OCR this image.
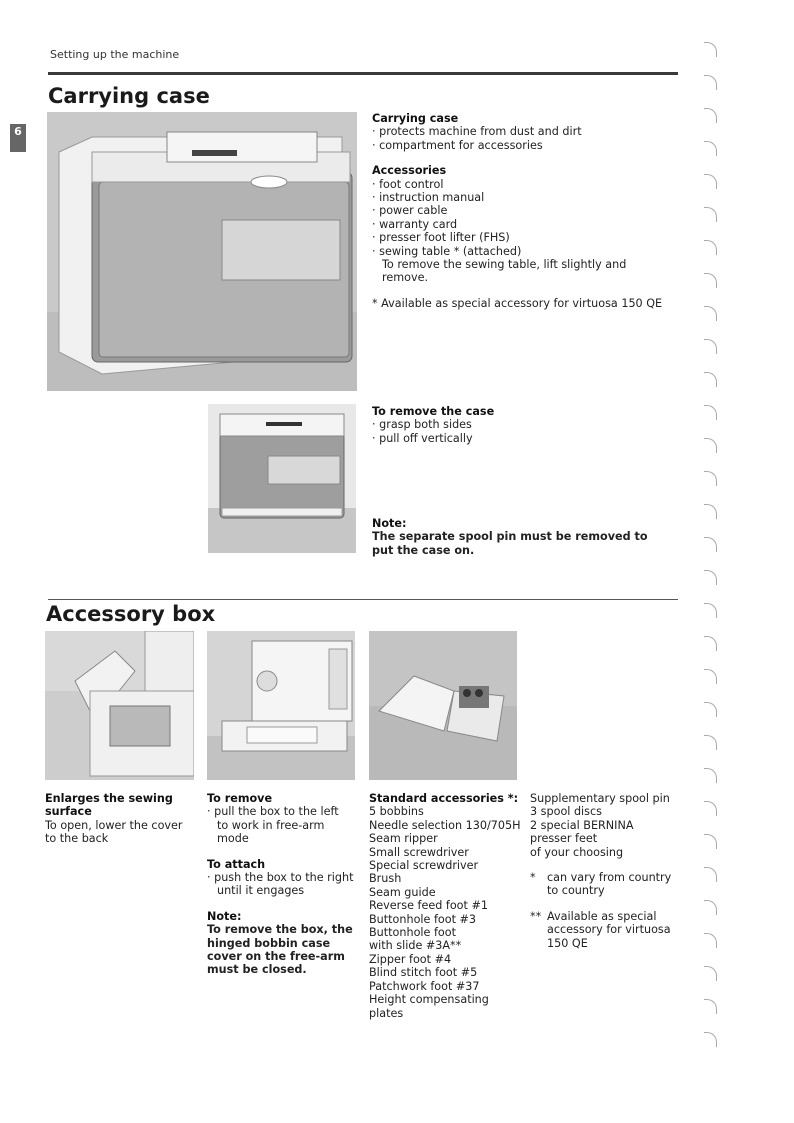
Setting up the machine
6
Carrying case
Carrying case
· protects machine from dust and dirt
· compartment for accessories
Accessories
· foot control
· instruction manual
· power cable
· warranty card
· presser foot lifter (FHS)
· sewing table * (attached)
To remove the sewing table, lift slightly and remove.
* Available as special accessory for virtuosa 150 QE
To remove the case
· grasp both sides
· pull off vertically
Note:
The separate spool pin must be removed to put the case on.
Accessory box
Enlarges the sewing surface
To open, lower the cover
to the back
To remove
· pull the box to the left
to work in free-arm mode
To attach
· push the box to the right
until it engages
Note:
To remove the box, the hinged bobbin case cover on the free-arm must be closed.
Standard accessories *:
5 bobbins
Needle selection 130/705H
Seam ripper
Small screwdriver
Special screwdriver
Brush
Seam guide
Reverse feed foot #1
Buttonhole foot #3
Buttonhole foot
with slide #3A**
Zipper foot #4
Blind stitch foot #5
Patchwork foot #37
Height compensating
plates
Supplementary spool pin
3 spool discs
2 special BERNINA
presser feet
of your choosing
* can vary from country
to country
** Available as special
accessory for virtuosa
150 QE
